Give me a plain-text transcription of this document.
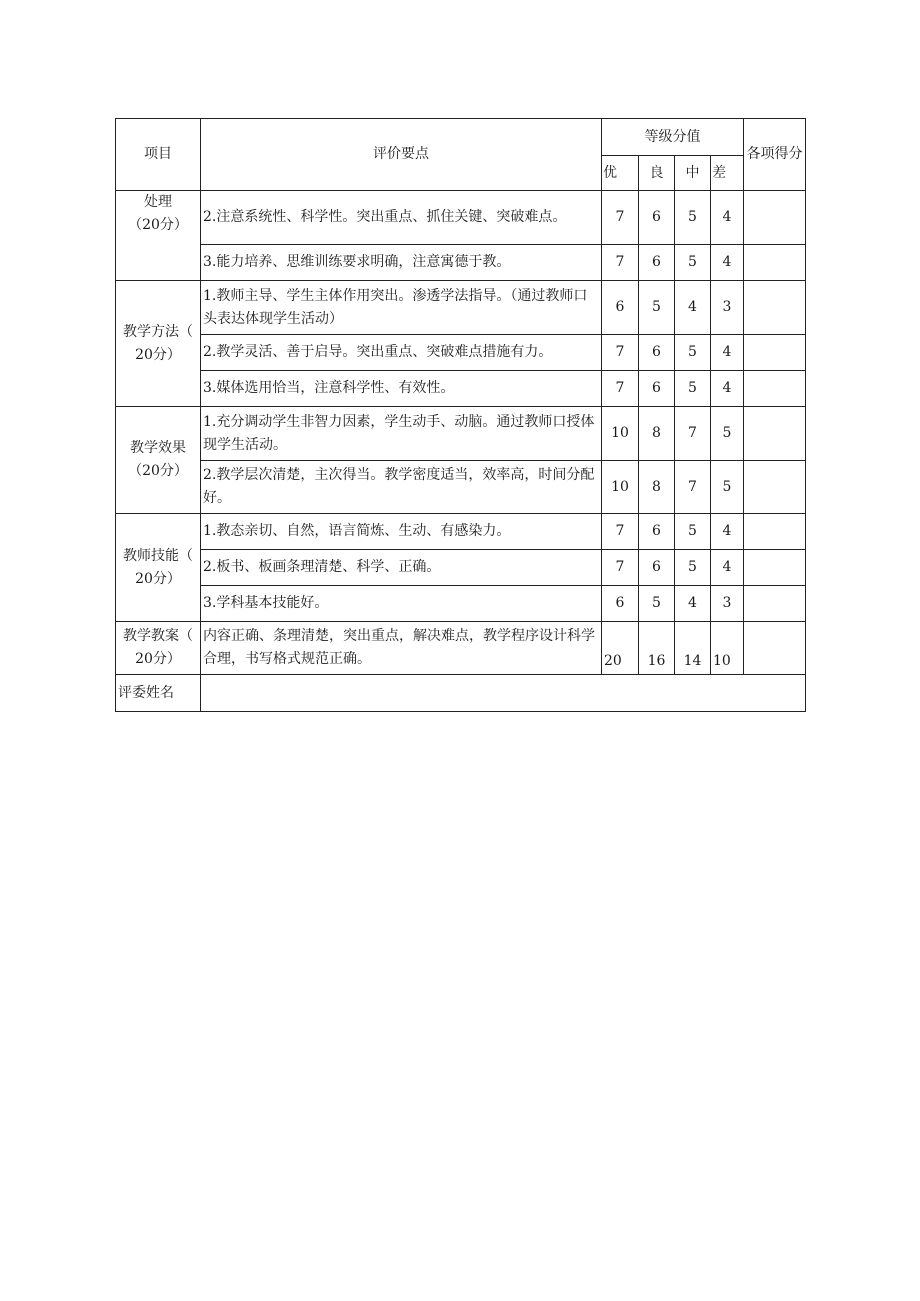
项目	评价要点	等级分值				各项得分
		优	良	中	差	
处理
（20分）	2.注意系统性、科学性。突出重点、抓住关键、突破难点。	7	6	5	4	
	3.能力培养、思维训练要求明确，注意寓德于教。	7	6	5	4	
教学方法（
20分）	1.教师主导、学生主体作用突出。渗透学法指导。（通过教师口头表达体现学生活动）	6	5	4	3	
	2.教学灵活、善于启导。突出重点、突破难点措施有力。	7	6	5	4	
	3.媒体选用恰当，注意科学性、有效性。	7	6	5	4	
教学效果
（20分）	1.充分调动学生非智力因素，学生动手、动脑。通过教师口授体现学生活动。	10	8	7	5	
	2.教学层次清楚，主次得当。教学密度适当，效率高，时间分配好。	10	8	7	5	
教师技能（
20分）	1.教态亲切、自然，语言简炼、生动、有感染力。	7	6	5	4	
	2.板书、板画条理清楚、科学、正确。	7	6	5	4	
	3.学科基本技能好。	6	5	4	3	
教学教案（
20分）	内容正确、条理清楚，突出重点，解决难点，教学程序设计科学合理，书写格式规范正确。	20	16	14	10	
评委姓名						
